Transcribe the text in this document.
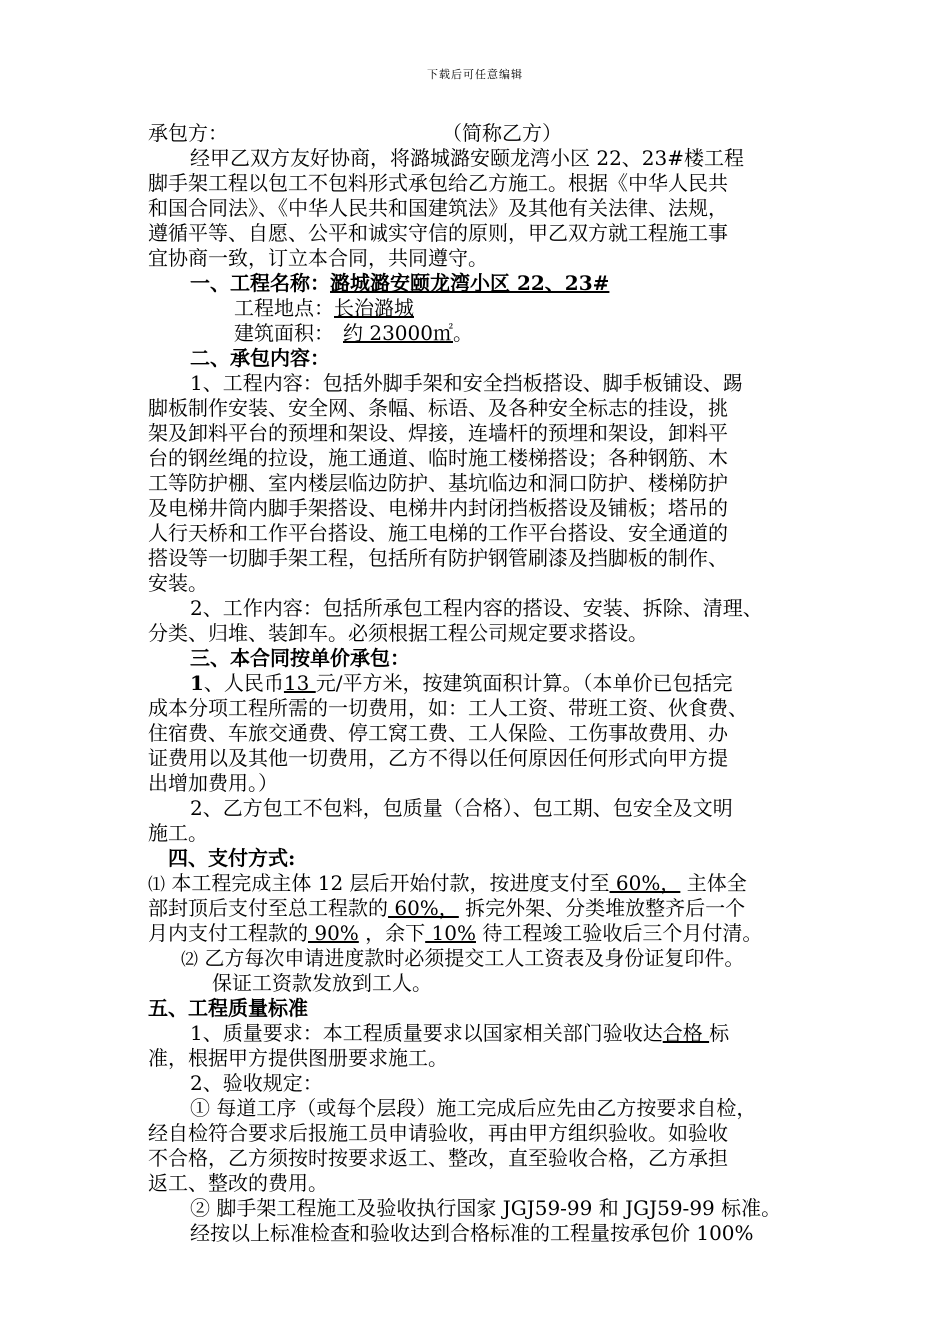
下载后可任意编辑
承包方：	（简称乙方）
经甲乙双方友好协商，将潞城潞安颐龙湾小区 22、23#楼工程
脚手架工程以包工不包料形式承包给乙方施工。根据《中华人民共
和国合同法》、《中华人民共和国建筑法》及其他有关法律、法规，
遵循平等、自愿、公平和诚实守信的原则，甲乙双方就工程施工事
宜协商一致，订立本合同，共同遵守。
一、工程名称：潞城潞安颐龙湾小区 22、23#
工程地点：长治潞城
建筑面积： 约 23000㎡。
二、承包内容：
1、工程内容：包括外脚手架和安全挡板搭设、脚手板铺设、踢
脚板制作安装、安全网、条幅、标语、及各种安全标志的挂设，挑
架及卸料平台的预埋和架设、焊接，连墙杆的预埋和架设，卸料平
台的钢丝绳的拉设，施工通道、临时施工楼梯搭设；各种钢筋、木
工等防护棚、室内楼层临边防护、基坑临边和洞口防护、楼梯防护
及电梯井筒内脚手架搭设、电梯井内封闭挡板搭设及铺板；塔吊的
人行天桥和工作平台搭设、施工电梯的工作平台搭设、安全通道的
搭设等一切脚手架工程，包括所有防护钢管刷漆及挡脚板的制作、
安装。
2、工作内容：包括所承包工程内容的搭设、安装、拆除、清理、
分类、归堆、装卸车。必须根据工程公司规定要求搭设。
三、本合同按单价承包：
1、人民币13 元/平方米，按建筑面积计算。（本单价已包括完
成本分项工程所需的一切费用，如：工人工资、带班工资、伙食费、
住宿费、车旅交通费、停工窝工费、工人保险、工伤事故费用、办
证费用以及其他一切费用，乙方不得以任何原因任何形式向甲方提
出增加费用。）
2、乙方包工不包料，包质量（合格）、包工期、包安全及文明
施工。
四、支付方式:
⑴ 本工程完成主体 12 层后开始付款，按进度支付至 60%， 主体全
部封顶后支付至总工程款的 60%， 拆完外架、分类堆放整齐后一个
月内支付工程款的 90% ，余下 10% 待工程竣工验收后三个月付清。
⑵ 乙方每次申请进度款时必须提交工人工资表及身份证复印件。
保证工资款发放到工人。
五、工程质量标准
1、质量要求：本工程质量要求以国家相关部门验收达合格 标
准，根据甲方提供图册要求施工。
2、验收规定：
① 每道工序（或每个层段）施工完成后应先由乙方按要求自检，
经自检符合要求后报施工员申请验收，再由甲方组织验收。如验收
不合格，乙方须按时按要求返工、整改，直至验收合格，乙方承担
返工、整改的费用。
② 脚手架工程施工及验收执行国家 JGJ59-99 和 JGJ59-99 标准。
经按以上标准检查和验收达到合格标准的工程量按承包价 100%
